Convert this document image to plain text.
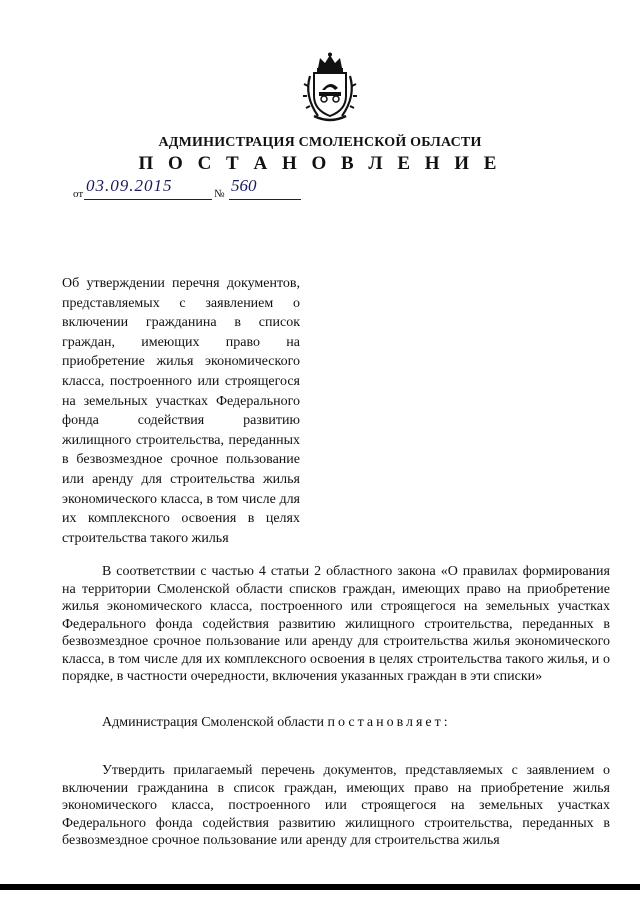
АДМИНИСТРАЦИЯ СМОЛЕНСКОЙ ОБЛАСТИ
П О С Т А Н О В Л Е Н И Е
от 03.09.2015	№ 560
Об утверждении перечня документов, представляемых с заявлением о включении гражданина в список граждан, имеющих право на приобретение жилья экономического класса, построенного или строящегося на земельных участках Федерального фонда содействия развитию жилищного строительства, переданных в безвозмездное срочное пользование или аренду для строительства жилья экономического класса, в том числе для их комплексного освоения в целях строительства такого жилья
В соответствии с частью 4 статьи 2 областного закона «О правилах формирования на территории Смоленской области списков граждан, имеющих право на приобретение жилья экономического класса, построенного или строящегося на земельных участках Федерального фонда содействия развитию жилищного строительства, переданных в безвозмездное срочное пользование или аренду для строительства жилья экономического класса, в том числе для их комплексного освоения в целях строительства такого жилья, и о порядке, в частности очередности, включения указанных граждан в эти списки»
Администрация Смоленской области постановляет:
Утвердить прилагаемый перечень документов, представляемых с заявлением о включении гражданина в список граждан, имеющих право на приобретение жилья экономического класса, построенного или строящегося на земельных участках Федерального фонда содействия развитию жилищного строительства, переданных в безвозмездное срочное пользование или аренду для строительства жилья
